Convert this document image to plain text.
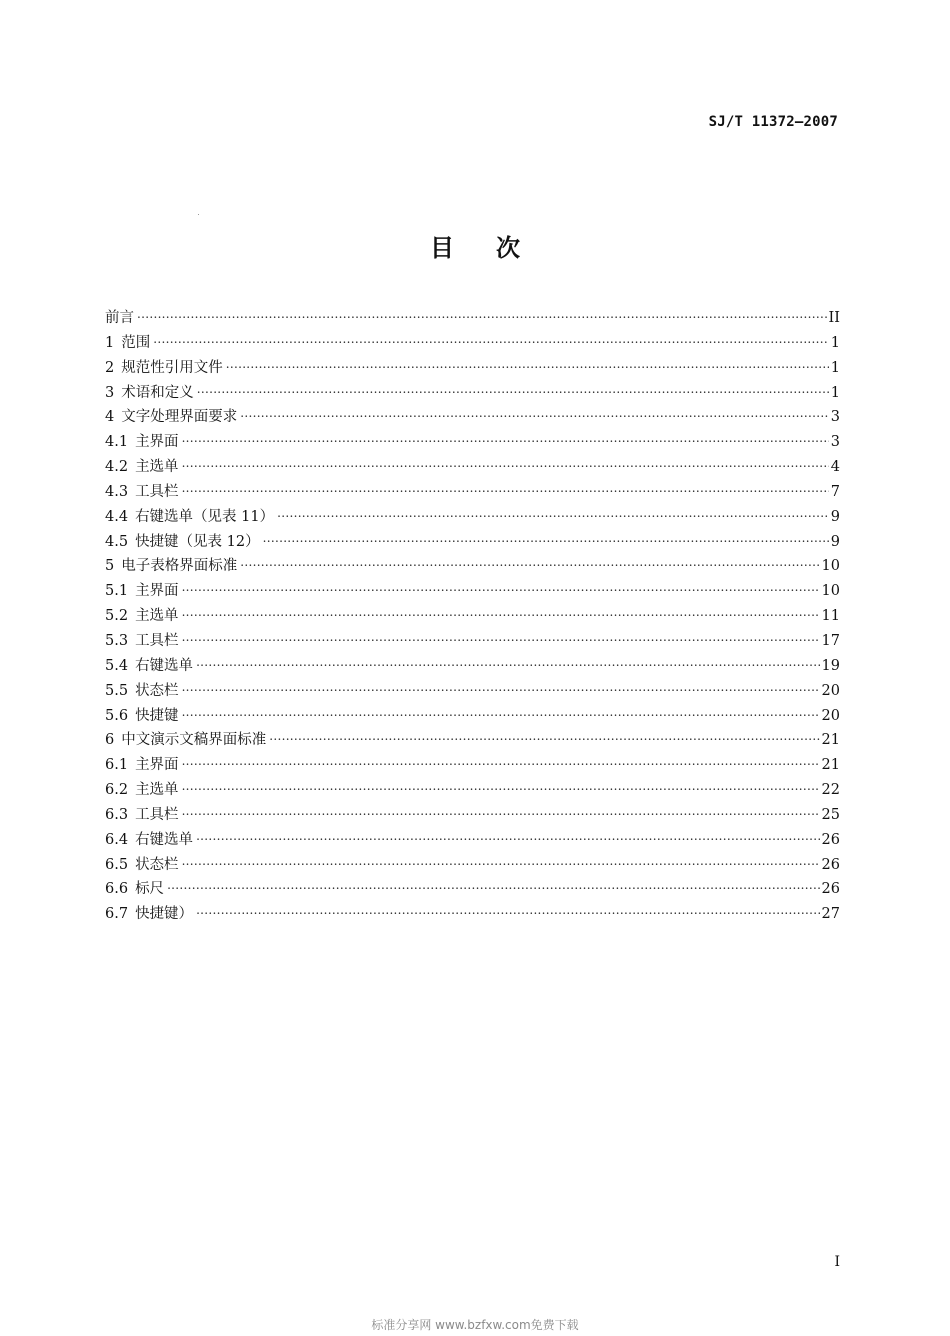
SJ/T 11372—2007
目次
前言 .....	II
1 范围 .....	1
2 规范性引用文件 .....	1
3 术语和定义 .....	1
4 文字处理界面要求 .....	3
4.1 主界面 .....	3
4.2 主选单 .....	4
4.3 工具栏 .....	7
4.4 右键选单（见表 11） .....	9
4.5 快捷键（见表 12） .....	9
5 电子表格界面标准 .....	10
5.1 主界面 .....	10
5.2 主选单 .....	11
5.3 工具栏 .....	17
5.4 右键选单 .....	19
5.5 状态栏 .....	20
5.6 快捷键 .....	20
6 中文演示文稿界面标准 .....	21
6.1 主界面 .....	21
6.2 主选单 .....	22
6.3 工具栏 .....	25
6.4 右键选单 .....	26
6.5 状态栏 .....	26
6.6 标尺 .....	26
6.7 快捷键） .....	27
I
标准分享网 www.bzfxw.com免费下载
